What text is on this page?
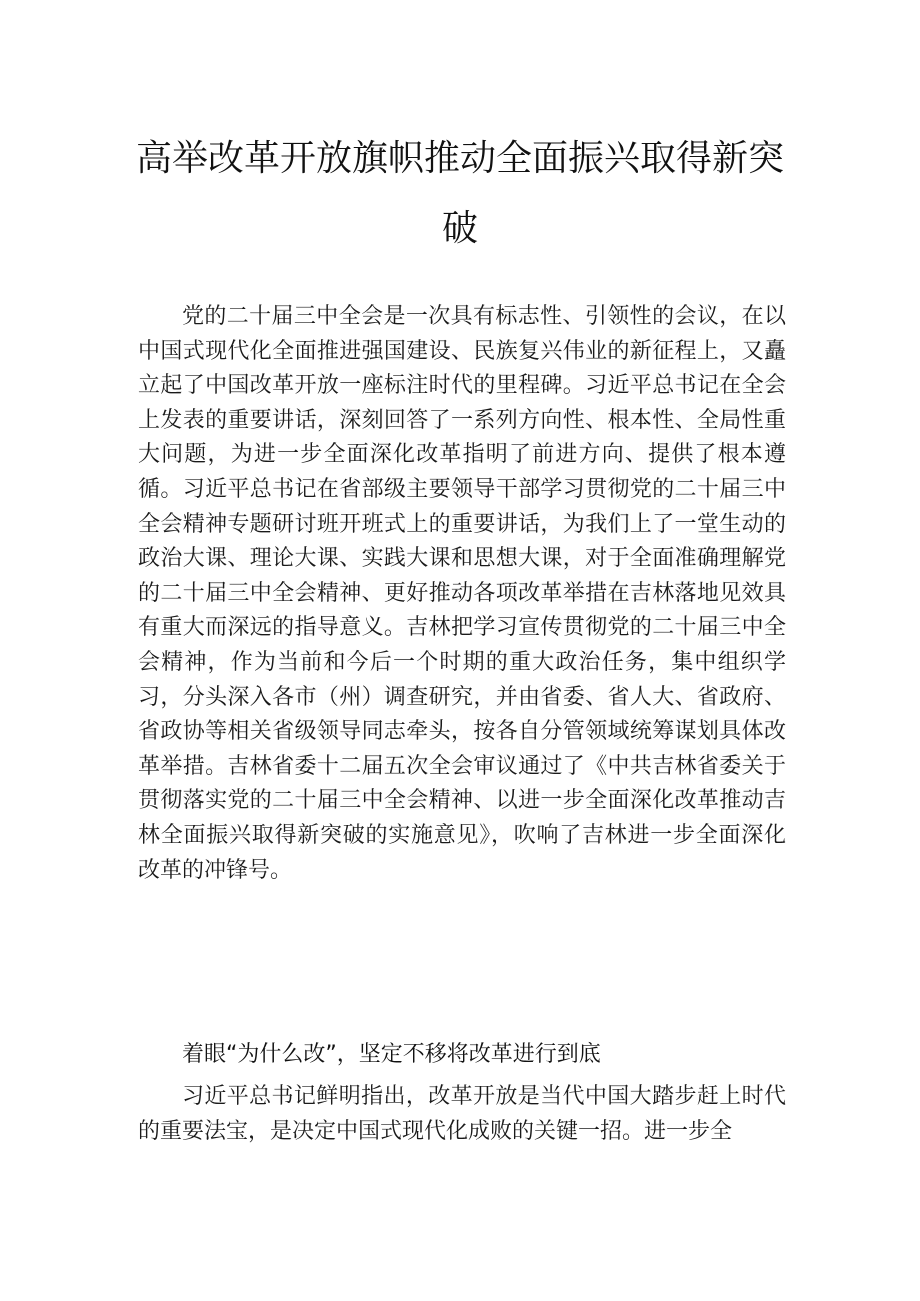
高举改革开放旗帜推动全面振兴取得新突破

党的二十届三中全会是一次具有标志性、引领性的会议，在以中国式现代化全面推进强国建设、民族复兴伟业的新征程上，又矗立起了中国改革开放一座标注时代的里程碑。习近平总书记在全会上发表的重要讲话，深刻回答了一系列方向性、根本性、全局性重大问题，为进一步全面深化改革指明了前进方向、提供了根本遵循。习近平总书记在省部级主要领导干部学习贯彻党的二十届三中全会精神专题研讨班开班式上的重要讲话，为我们上了一堂生动的政治大课、理论大课、实践大课和思想大课，对于全面准确理解党的二十届三中全会精神、更好推动各项改革举措在吉林落地见效具有重大而深远的指导意义。吉林把学习宣传贯彻党的二十届三中全会精神，作为当前和今后一个时期的重大政治任务，集中组织学习，分头深入各市（州）调查研究，并由省委、省人大、省政府、省政协等相关省级领导同志牵头，按各自分管领域统筹谋划具体改革举措。吉林省委十二届五次全会审议通过了《中共吉林省委关于贯彻落实党的二十届三中全会精神、以进一步全面深化改革推动吉林全面振兴取得新突破的实施意见》，吹响了吉林进一步全面深化改革的冲锋号。

着眼“为什么改”，坚定不移将改革进行到底

习近平总书记鲜明指出，改革开放是当代中国大踏步赶上时代的重要法宝，是决定中国式现代化成败的关键一招。进一步全
